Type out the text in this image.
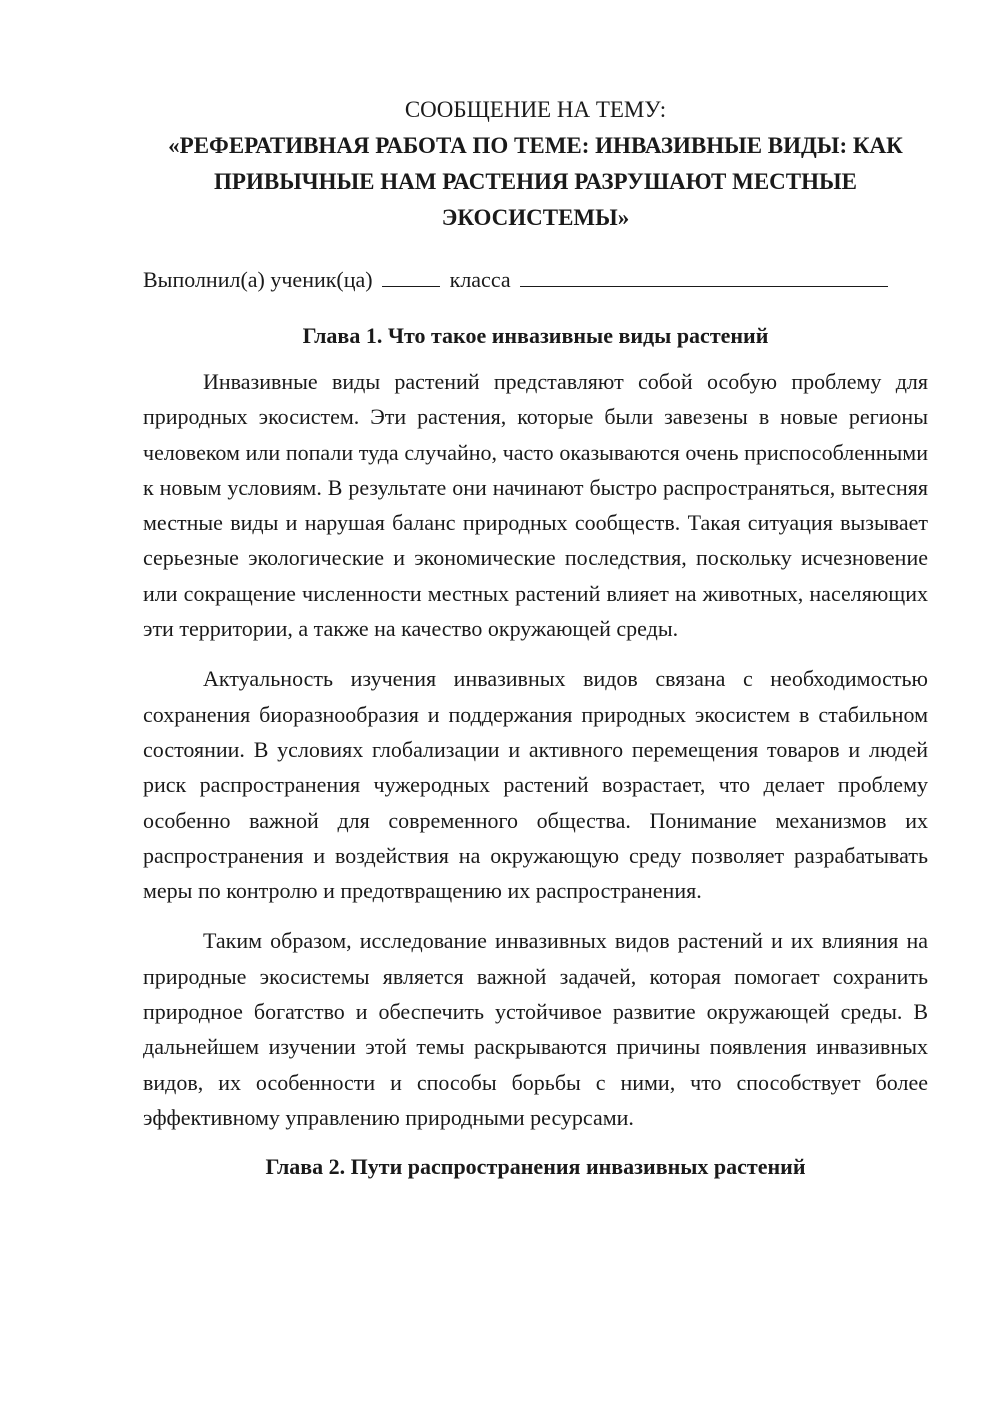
СООБЩЕНИЕ НА ТЕМУ:

«РЕФЕРАТИВНАЯ РАБОТА ПО ТЕМЕ: ИНВАЗИВНЫЕ ВИДЫ: КАК ПРИВЫЧНЫЕ НАМ РАСТЕНИЯ РАЗРУШАЮТ МЕСТНЫЕ ЭКОСИСТЕМЫ»

Выполнил(а) ученик(ца)	класса
Глава 1. Что такое инвазивные виды растений

Инвазивные виды растений представляют собой особую проблему для природных экосистем. Эти растения, которые были завезены в новые регионы человеком или попали туда случайно, часто оказываются очень приспособленными к новым условиям. В результате они начинают быстро распространяться, вытесняя местные виды и нарушая баланс природных сообществ. Такая ситуация вызывает серьезные экологические и экономические последствия, поскольку исчезновение или сокращение численности местных растений влияет на животных, населяющих эти территории, а также на качество окружающей среды.

Актуальность изучения инвазивных видов связана с необходимостью сохранения биоразнообразия и поддержания природных экосистем в стабильном состоянии. В условиях глобализации и активного перемещения товаров и людей риск распространения чужеродных растений возрастает, что делает проблему особенно важной для современного общества. Понимание механизмов их распространения и воздействия на окружающую среду позволяет разрабатывать меры по контролю и предотвращению их распространения.

Таким образом, исследование инвазивных видов растений и их влияния на природные экосистемы является важной задачей, которая помогает сохранить природное богатство и обеспечить устойчивое развитие окружающей среды. В дальнейшем изучении этой темы раскрываются причины появления инвазивных видов, их особенности и способы борьбы с ними, что способствует более эффективному управлению природными ресурсами.

Глава 2. Пути распространения инвазивных растений
